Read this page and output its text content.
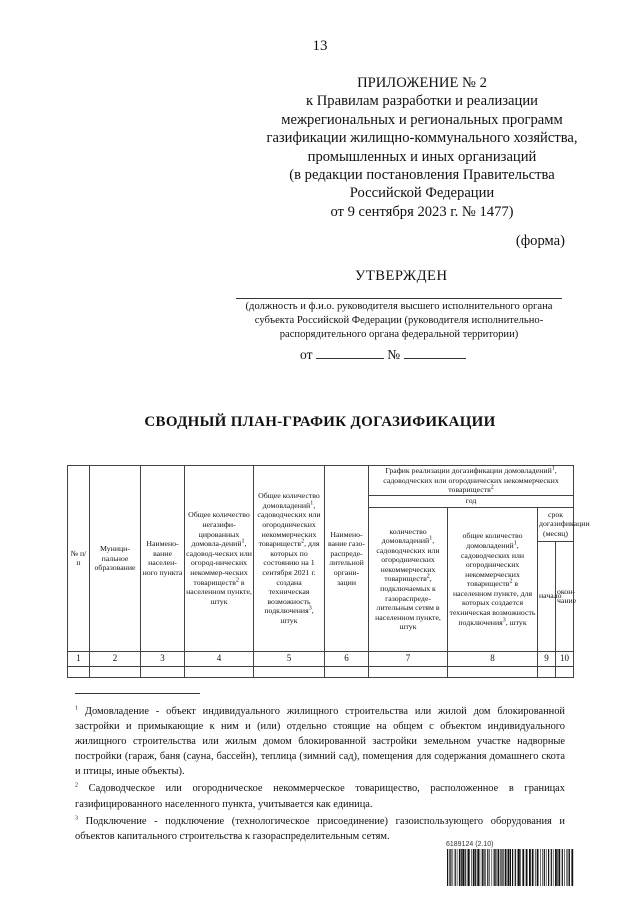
13
ПРИЛОЖЕНИЕ № 2
к Правилам разработки и реализации
межрегиональных и региональных программ
газификации жилищно-коммунального хозяйства,
промышленных и иных организаций
(в редакции постановления Правительства
Российской Федерации
от 9 сентября 2023 г. № 1477)
(форма)
УТВЕРЖДЕН
(должность и ф.и.о. руководителя высшего исполнительного органа субъекта Российской Федерации (руководителя исполнительно-распорядительного органа федеральной территории)
от	№
СВОДНЫЙ ПЛАН-ГРАФИК ДОГАЗИФИКАЦИИ
№ п/п	Муници-пальное образование	Наимено-вание населен-ного пункта	Общее количество негазифи-цированных домовла-дений$^1$, садовод-ческих или огород-нических некоммер-ческих товариществ$^2$ в населенном пункте, штук	Общее количество домовладений$^1$, садоводческих или огороднических некоммерческих товариществ$^2$, для которых по состоянию на 1 сентября 2021 г. создана техническая возможность подключения$^3$, штук	Наимено-вание газо-распреде-лительной органи-зации	График реализации догазификации домовладений$^1$, садоводческих или огороднических некоммерческих товариществ$^2$
						год			
						количество домовладений$^1$, садоводческих или огороднических некоммерческих товариществ$^2$, подключаемых к газораспреде-лительным сетям в населенном пункте, штук	общее количество домовладений$^1$, садоводческих или огороднических некоммерческих товариществ$^2$ в населенном пункте, для которых создается техническая возможность подключения$^3$, штук	срок догазификации (месяц)	
								начало	окон-чание
1	2	3	4	5	6	7	8	9	10

$^1$ Домовладение - объект индивидуального жилищного строительства или жилой дом блокированной застройки и примыкающие к ним и (или) отдельно стоящие на общем с объектом индивидуального жилищного строительства или жилым домом блокированной застройки земельном участке надворные постройки (гараж, баня (сауна, бассейн), теплица (зимний сад), помещения для содержания домашнего скота и птицы, иные объекты).

$^2$ Садоводческое или огородническое некоммерческое товарищество, расположенное в границах газифицированного населенного пункта, учитывается как единица.

$^3$ Подключение - подключение (технологическое присоединение) газоиспользующего оборудования и объектов капитального строительства к газораспределительным сетям.

6189124 (2.10)
